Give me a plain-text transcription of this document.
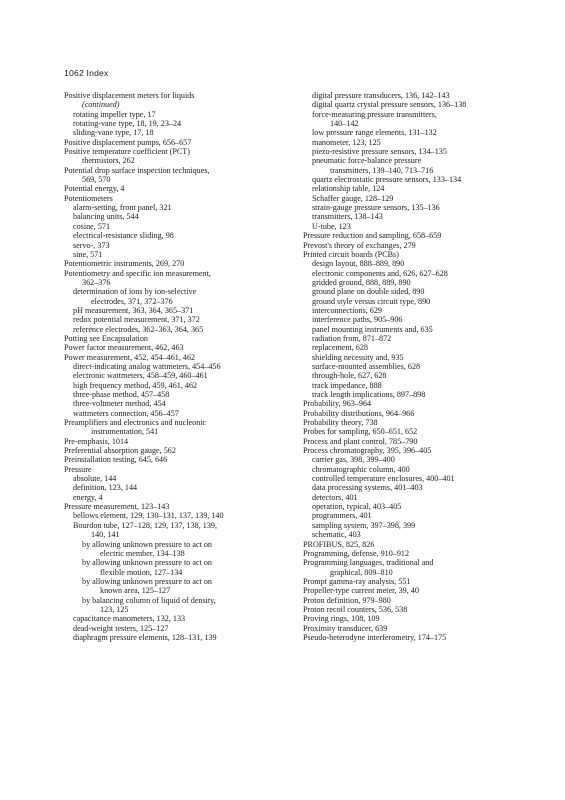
1062 Index
Positive displacement meters for liquids
(continued)
rotating impeller type, 17
rotating-vane type, 18, 19, 23–24
sliding-vane type, 17, 18
Positive displacement pumps, 656–657
Positive temperature coefficient (PCT)
thermistors, 262
Potential drop surface inspection techniques,
569, 570
Potential energy, 4
Potentiometers
alarm-setting, front panel, 321
balancing units, 544
cosine, 571
electrical-resistance sliding, 98
servo-, 373
sine, 571
Potentiometric instruments, 269, 270
Potentiometry and specific ion measurement,
362–376
determination of ions by ion-selective
electrodes, 371, 372–376
pH measurement, 363, 364, 365–371
redox potential measurement, 371, 372
reference electrodes, 362–363, 364, 365
Potting see Encapsulation
Power factor measurement, 462, 463
Power measurement, 452, 454–461, 462
direct-indicating analog wattmeters, 454–456
electronic wattmeters, 458–459, 460–461
high frequency method, 459, 461, 462
three-phase method, 457–458
three-voltmeter method, 454
wattmeters connection, 456–457
Preamplifiers and electronics and nucleonic
instrumentation, 541
Pre-emphasis, 1014
Preferential absorption gauge, 562
Preinstallation testing, 645, 646
Pressure
absolute, 144
definition, 123, 144
energy, 4
Pressure measurement, 123–143
bellows element, 129, 130–131, 137, 139, 140
Bourdon tube, 127–128, 129, 137, 138, 139,
140, 141
by allowing unknown pressure to act on
electric member, 134–138
by allowing unknown pressure to act on
flexible motion, 127–134
by allowing unknown pressure to act on
known area, 125–127
by balancing column of liquid of density,
123, 125
capacitance manometers, 132, 133
dead-weight testers, 125–127
diaphragm pressure elements, 128–131, 139
digital pressure transducers, 136, 142–143
digital quartz crystal pressure sensors, 136–138
force-measuring pressure transmitters,
140–142
low pressure range elements, 131–132
manometer, 123, 125
piezo-resistive pressure sensors, 134–135
pneumatic force-balance pressure
transmitters, 139–140, 713–716
quartz electrostatic pressure sensors, 133–134
relationship table, 124
Schaffer gauge, 128–129
strain-gauge pressure sensors, 135–136
transmitters, 138–143
U-tube, 123
Pressure reduction and sampling, 658–659
Prevost's theory of exchanges, 279
Printed circuit boards (PCBs)
design layout, 888–889, 890
electronic components and, 626, 627–628
gridded ground, 888, 889, 890
ground plane on double sided, 890
ground style versus circuit type, 890
interconnections, 629
interference paths, 905–906
panel mounting instruments and, 635
radiation from, 871–872
replacement, 628
shielding necessity and, 935
surface-mounted assemblies, 628
through-hole, 627, 628
track impedance, 888
track length implications, 897–898
Probability, 963–964
Probability distributions, 964–966
Probability theory, 738
Probes for sampling, 650–651, 652
Process and plant control, 785–790
Process chromatography, 395, 396–405
carrier gas, 398, 399–400
chromatographic column, 400
controlled temperature enclosures, 400–401
data processing systems, 401–403
detectors, 401
operation, typical, 403–405
programmers, 401
sampling system, 397–398, 399
schematic, 403
PROFIBUS, 825, 826
Programming, defense, 910–912
Programming languages, traditional and
graphical, 809–810
Prompt gamma-ray analysis, 551
Propeller-type current meter, 39, 40
Proton definition, 979–980
Proton recoil counters, 536, 538
Proving rings, 108, 109
Proximity transducer, 639
Pseudo-heterodyne interferometry, 174–175
